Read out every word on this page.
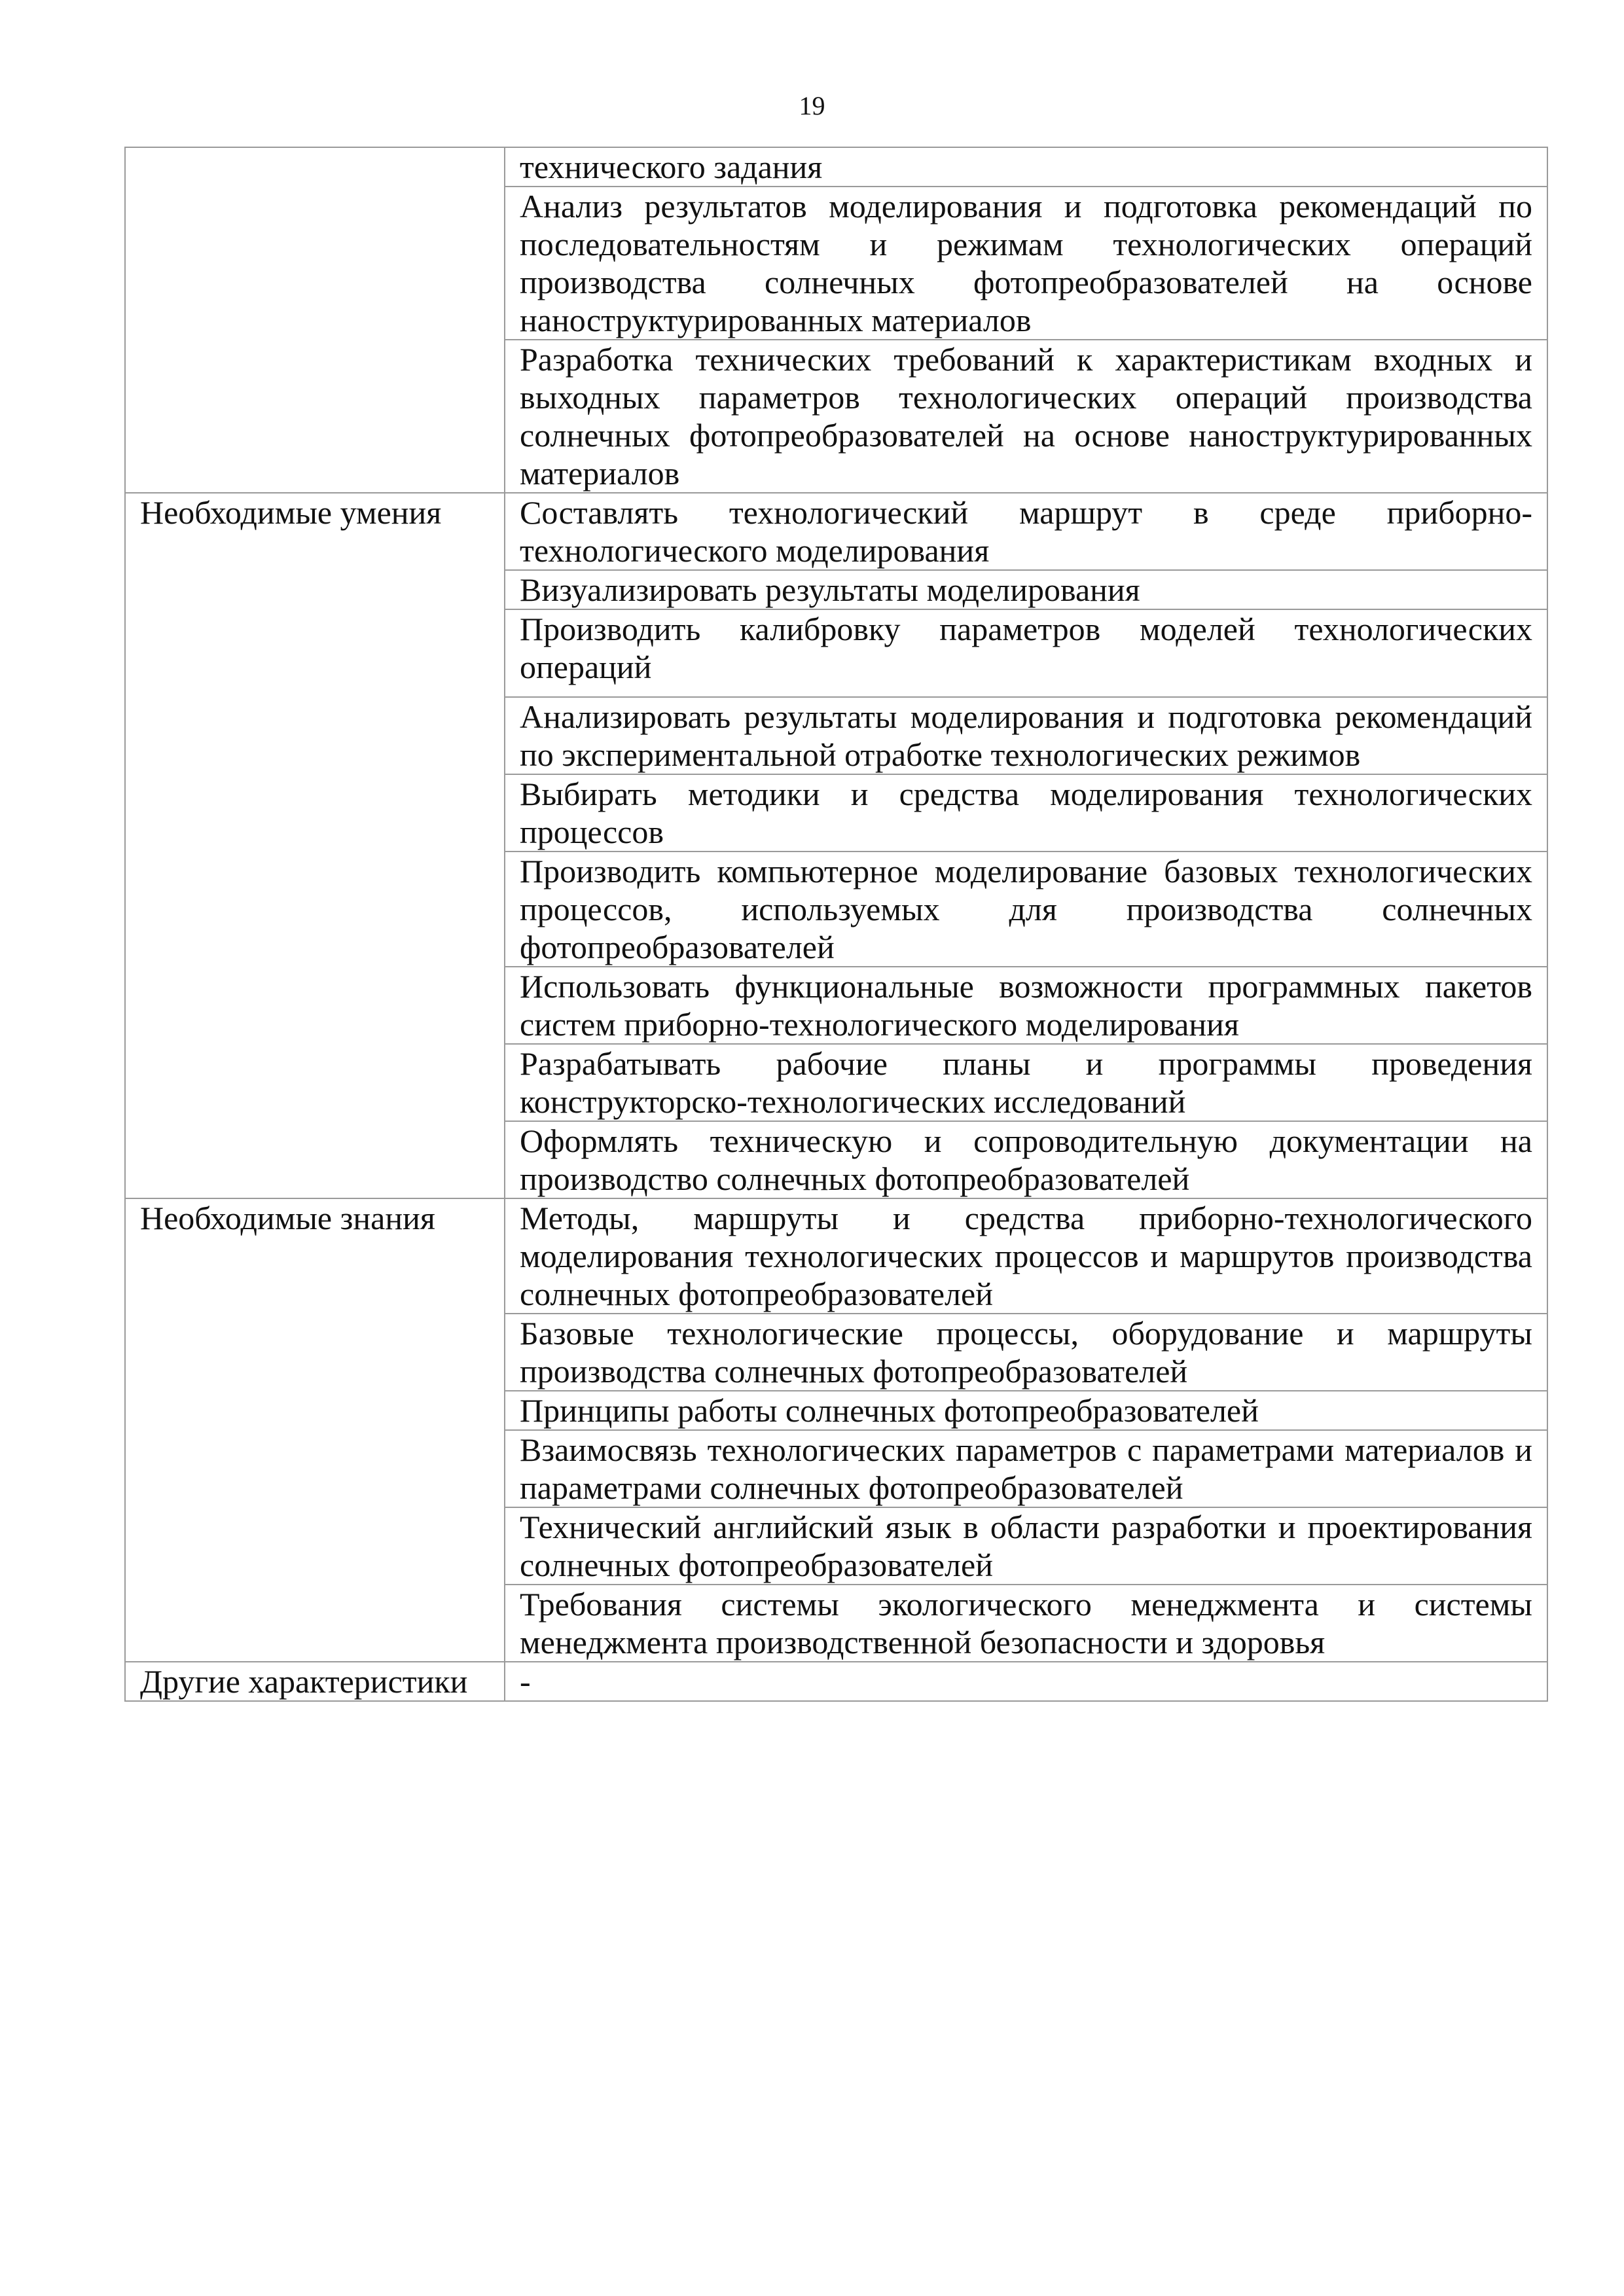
19
	технического задания
	Анализ результатов моделирования и подготовка рекомендаций по последовательностям и режимам технологических операций производства солнечных фотопреобразователей на основе наноструктурированных материалов
	Разработка технических требований к характеристикам входных и выходных параметров технологических операций производства солнечных фотопреобразователей на основе наноструктурированных материалов
Необходимые умения	Составлять технологический маршрут в среде приборно-технологического моделирования
	Визуализировать результаты моделирования
	Производить калибровку параметров моделей технологических операций
	Анализировать результаты моделирования и подготовка рекомендаций по экспериментальной отработке технологических режимов
	Выбирать методики и средства моделирования технологических процессов
	Производить компьютерное моделирование базовых технологических процессов, используемых для производства солнечных фотопреобразователей
	Использовать функциональные возможности программных пакетов систем приборно-технологического моделирования
	Разрабатывать рабочие планы и программы проведения конструкторско-технологических исследований
	Оформлять техническую и сопроводительную документации на производство солнечных фотопреобразователей
Необходимые знания	Методы, маршруты и средства приборно-технологического моделирования технологических процессов и маршрутов производства солнечных фотопреобразователей
	Базовые технологические процессы, оборудование и маршруты производства солнечных фотопреобразователей
	Принципы работы солнечных фотопреобразователей
	Взаимосвязь технологических параметров с параметрами материалов и параметрами солнечных фотопреобразователей
	Технический английский язык в области разработки и проектирования солнечных фотопреобразователей
	Требования системы экологического менеджмента и системы менеджмента производственной безопасности и здоровья
Другие характеристики	-
